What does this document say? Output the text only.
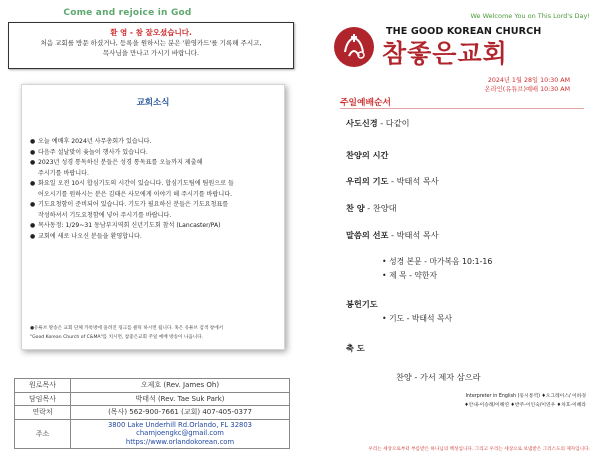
Come and rejoice in God
환 영 - 참 잘오셨습니다.
처음 교회를 방문 하셨거나, 등록을 원하시는 분은 '환영카드'를 기록해 주시고,
목사님을 만나고 가시기 바랍니다.
교회소식
● 오늘 예배후 2024년 사무총회가 있습니다.
● 다음주 설날맞이 윷놀이 행사가 있습니다.
● 2023년 성경 통독하신 분들은 성경 통독표를 오늘까지 제출해
주시기를 바랍니다.
● 화요일 오전 10시 합심기도의 시간이 있습니다. 합심기도팀에 팀원으로 들
어오시기를 원하시는 분은 김태은 사모에게 이야기 해 주시기를 바랍니다.
● 기도요청함이 준비되어 있습니다. 기도가 필요하신 분들은 기도요청표를
작성하셔서 기도요청함에 넣어 주시기를 바랍니다.
● 목사동정: 1/29~31 동남부지역회 신년기도회 참석 (Lancaster/PA)
● 교회에 새로 나오신 분들을 환영합니다.
●유튜브 방송은 교회 단체 카톡방에 올려진 링크를 클릭 하시면 됩니다. 혹은 유튜브 검색 창에서
"Good Korean Church of C&MA"를 치시면, 참좋은교회 주일 예배 방송이 나옵니다.
원로목사	오제호 (Rev. James Oh)
담임목사	박태석 (Rev. Tae Suk Park)
연락처	(목사) 562-900-7661 (교회) 407-405-0377
주소	3800 Lake Underhill Rd.Orlando, FL 32803
chamjoengkc@gmail.com
https://www.orlandokorean.com
We Welcome You on This Lord's Day!
THE GOOD KOREAN CHURCH
참좋은교회
2024년 1월 28일 10:30 AM
온라인(유튜브)예배 10:30 AM
주일예배순서
사도신경 - 다같이
찬양의 시간
우리의 기도 - 박태석 목사
찬 양 - 찬양대
말씀의 선포 - 박태석 목사
• 성경 본문 - 마가복음 10:1-16
• 제 목 - 약한자
봉헌기도
• 기도 - 박태석 목사
축 도
찬양 - 가서 제자 삼으라
Interpreter in English (동시통역) ♦오그레이스/ 이하경
♦안내-이승례/이해연 ♦반주-이인숙/이연우 ♦차호-이혜라
우리는 세상으로부터 부름받은 하나님의 백성입니다. 그리고 우리는 세상으로 보냄받은 그리스도의 제자입니다.
